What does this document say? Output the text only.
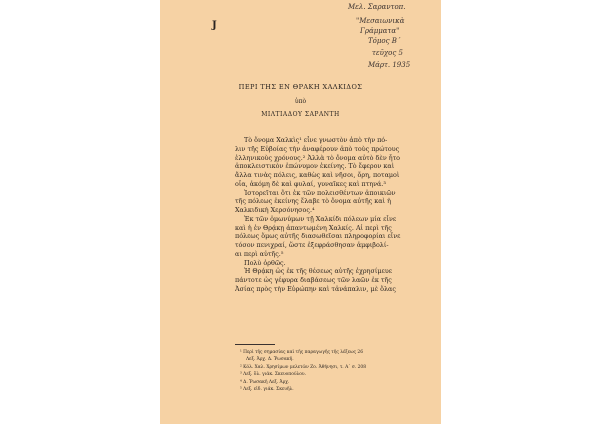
J
Μελ. Σαραντοπ.
"Μεσαιωνικὰ
Γράμματα"
Τόμος Β΄
τεῦχος 5
Μάρτ. 1935
ΠΕΡΙ ΤΗΣ ΕΝ ΘΡΑΚΗ ΧΑΛΚΙΔΟΣ
ὑπὸ
ΜΙΛΤΙΑΔΟΥ ΣΑΡΑΝΤΗ
Τὸ ὄνομα Χαλκὶς¹ εἶνε γνωστὸν ἀπὸ τὴν πό-
λιν τῆς Εὐβοίας τὴν ἀναφέρουν ἀπὸ τοὺς πρώτους
ἑλληνικοὺς χρόνους.² Ἀλλὰ τὸ ὄνομα αὐτὸ δὲν ἦτο
ἀποκλειστικὸν ἐπώνυμον ἐκείνης. Τὸ ἔφερον καὶ
ἄλλα τινὰς πόλεις, καθὼς καὶ νῆσοι, ὄρη, ποταμοὶ
οἷα, ἀκόμη δὲ καὶ φυλαί, γυναῖκες καὶ πτηνά.³
Ἱστορεῖται ὅτι ἐκ τῶν πολεισθέντων ἀποικιῶν
τῆς πόλεως ἐκείνης ἔλαβε τὸ ὄνομα αὐτῆς καὶ ἡ
Χαλκιδικὴ Χερσόνησος.⁴
Ἐκ τῶν ὁμωνύμων τῇ Χαλκίδι πόλεων μία εἶνε
καὶ ἡ ἐν Θρᾴκῃ ἀπαντωμένη Χαλκίς. Αἱ περὶ τῆς
πόλεως ὅμως αὐτῆς διασωθεῖσαι πληροφορίαι εἶνε
τόσον πενιχραί, ὥστε ἐξεφράσθησαν ἀμφιβολί-
αι περὶ αὐτῆς.⁵
Πολὺ ὀρθῶς.
Ἡ Θρᾴκη ὡς ἐκ τῆς θέσεως αὐτῆς ἐχρησίμευε
πάντοτε ὡς γέφυρα διαβάσεως τῶν λαῶν ἐκ τῆς
Ἀσίας πρὸς τὴν Εὐρώπην καὶ τἀνάπαλιν, μὲ ὅλας
¹ Περὶ τῆς σημασίας καὶ τῆς παραγωγῆς τῆς λέξεως 26
Λεξ. Ἀρχ. Δ. Ῥωσακῆ.
² Κόλ. Χαλ. Χρησίμων μελετῶν Ζο. Ἀθήνησι, τ. Α΄ σ. 208
³ Λεξ. ὅλ. γιάκ. Σκευοπούλου.
⁴ Δ. Ῥωσακῆ Λεξ. Ἀρχ.
⁵ Λεξ. εἰδ. γιάκ. Σκευῆλ.
